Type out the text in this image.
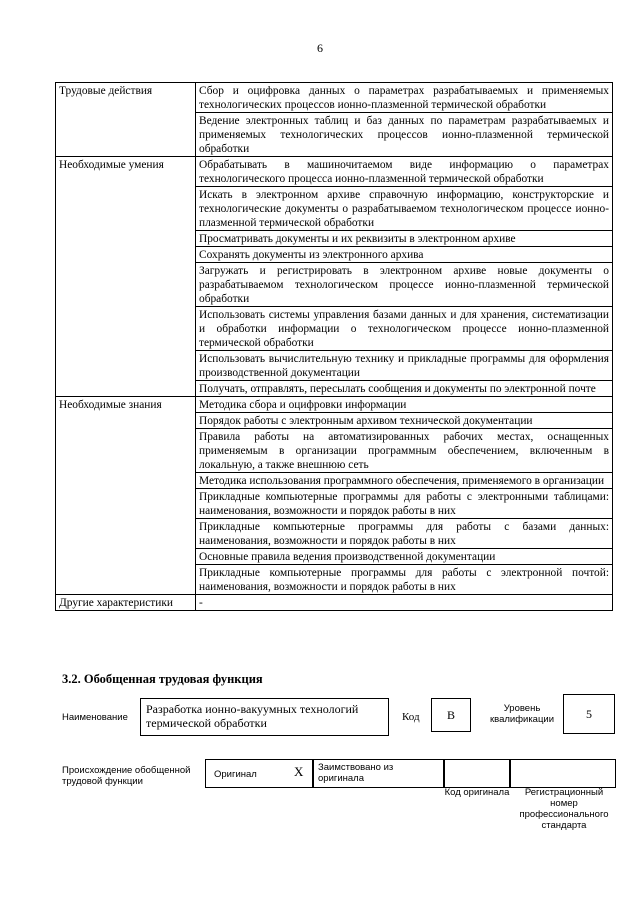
6
Трудовые действия	Сбор и оцифровка данных о параметрах разрабатываемых и применяемых технологических процессов ионно-плазменной термической обработки
	Ведение электронных таблиц и баз данных по параметрам разрабатываемых и применяемых технологических процессов ионно-плазменной термической обработки
Необходимые умения	Обрабатывать в машиночитаемом виде информацию о параметрах технологического процесса ионно-плазменной термической обработки
	Искать в электронном архиве справочную информацию, конструкторские и технологические документы о разрабатываемом технологическом процессе ионно-плазменной термической обработки
	Просматривать документы и их реквизиты в электронном архиве
	Сохранять документы из электронного архива
	Загружать и регистрировать в электронном архиве новые документы о разрабатываемом технологическом процессе ионно-плазменной термической обработки
	Использовать системы управления базами данных и для хранения, систематизации и обработки информации о технологическом процессе ионно-плазменной термической обработки
	Использовать вычислительную технику и прикладные программы для оформления производственной документации
	Получать, отправлять, пересылать сообщения и документы по электронной почте
Необходимые знания	Методика сбора и оцифровки информации
	Порядок работы с электронным архивом технической документации
	Правила работы на автоматизированных рабочих местах, оснащенных применяемым в организации программным обеспечением, включенным в локальную, а также внешнюю сеть
	Методика использования программного обеспечения, применяемого в организации
	Прикладные компьютерные программы для работы с электронными таблицами: наименования, возможности и порядок работы в них
	Прикладные компьютерные программы для работы с базами данных: наименования, возможности и порядок работы в них
	Основные правила ведения производственной документации
	Прикладные компьютерные программы для работы с электронной почтой: наименования, возможности и порядок работы в них
Другие характеристики	-
3.2. Обобщенная трудовая функция
Наименование
Разработка ионно-вакуумных технологий термической обработки	Код	В	Уровень квалификации	5
Происхождение обобщенной трудовой функции
Оригинал	X Заимствовано из оригинала
Код оригинала	Регистрационный номер профессионального стандарта
